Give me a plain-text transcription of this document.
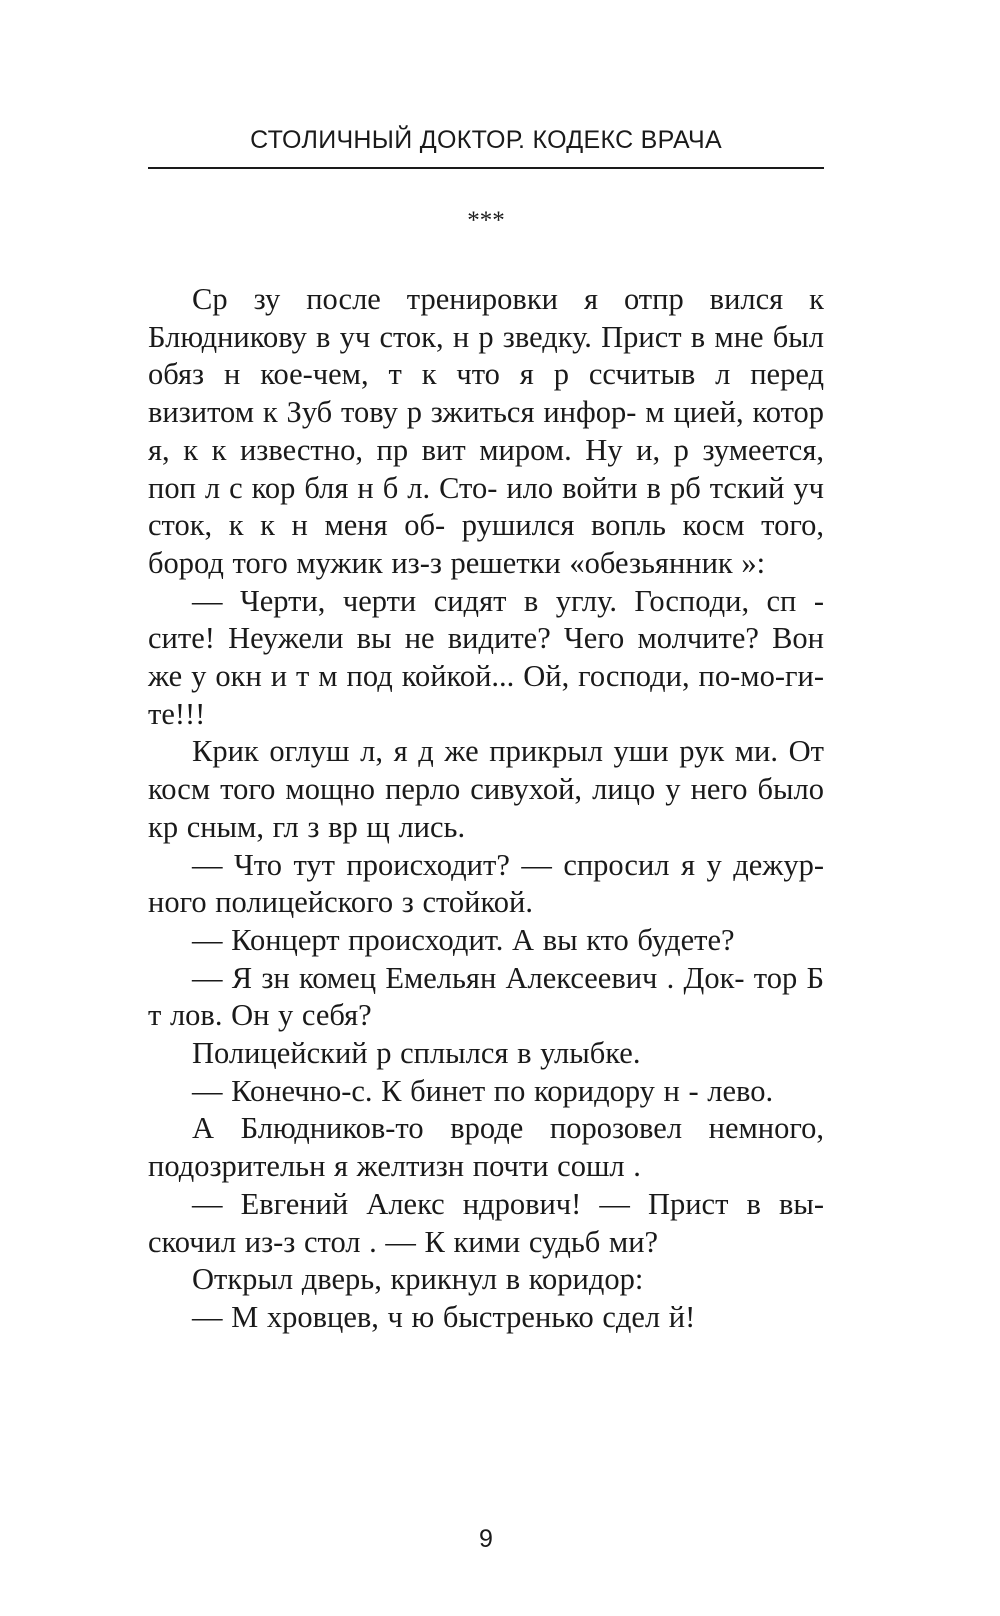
СТОЛИЧНЫЙ ДОКТОР. КОДЕКС ВРАЧА
***

Ср зу после тренировки я отпр вился к Блюдникову в уч сток, н р зведку. Прист в мне был обяз н кое-чем, т к что я р ссчитыв л перед визитом к Зуб тову р зжиться инфор- м цией, котор я, к к известно, пр вит миром. Ну и, р зумеется, поп л с кор бля н б л. Сто- ило войти в рб тский уч сток, к к н меня об- рушился вопль косм того, бород того мужик из-з решетки «обезьянник »:

— Черти, черти сидят в углу. Господи, сп - сите! Неужели вы не видите? Чего молчите? Вон же у окн и т м под койкой... Ой, господи, по-мо-ги-те!!!

Крик оглуш л, я д же прикрыл уши рук ми. От косм того мощно перло сивухой, лицо у него было кр сным, гл з вр щ лись.

— Что тут происходит? — спросил я у дежур- ного полицейского з стойкой.

— Концерт происходит. А вы кто будете?

— Я зн комец Емельян Алексеевич . Док- тор Б т лов. Он у себя?

Полицейский р сплылся в улыбке.

— Конечно-с. К бинет по коридору н - лево.

А Блюдников-то вроде порозовел немного, подозрительн я желтизн почти сошл .

— Евгений Алекс ндрович! — Прист в вы- скочил из-з стол . — К кими судьб ми?

Открыл дверь, крикнул в коридор:

— М хровцев, ч ю быстренько сдел й!

9
